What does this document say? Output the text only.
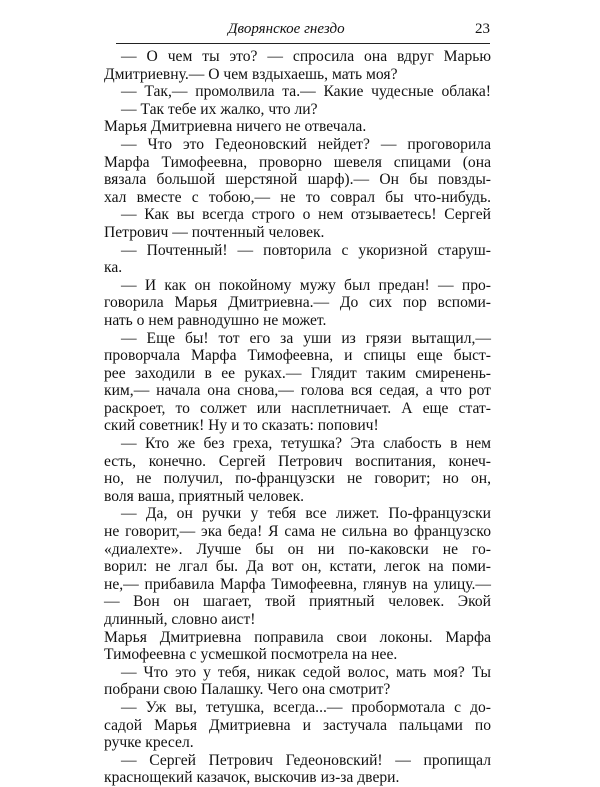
Дворянское гнездо	23
— О чем ты это? — спросила она вдруг Марью
Дмитриевну.— О чем вздыхаешь, мать моя?
— Так,— промолвила та.— Какие чудесные облака!
— Так тебе их жалко, что ли?
Марья Дмитриевна ничего не отвечала.
— Что это Гедеоновский нейдет? — проговорила
Марфа Тимофеевна, проворно шевеля спицами (она
вязала большой шерстяной шарф).— Он бы повзды-
хал вместе с тобою,— не то соврал бы что-нибудь.
— Как вы всегда строго о нем отзываетесь! Сергей
Петрович — почтенный человек.
— Почтенный! — повторила с укоризной старуш-
ка.
— И как он покойному мужу был предан! — про-
говорила Марья Дмитриевна.— До сих пор вспоми-
нать о нем равнодушно не может.
— Еще бы! тот его за уши из грязи вытащил,—
проворчала Марфа Тимофеевна, и спицы еще быст-
рее заходили в ее руках.— Глядит таким смиренень-
ким,— начала она снова,— голова вся седая, а что рот
раскроет, то солжет или насплетничает. А еще стат-
ский советник! Ну и то сказать: попович!
— Кто же без греха, тетушка? Эта слабость в нем
есть, конечно. Сергей Петрович воспитания, конеч-
но, не получил, по-французски не говорит; но он,
воля ваша, приятный человек.
— Да, он ручки у тебя все лижет. По-французски
не говорит,— эка беда! Я сама не сильна во французско
«диалехте». Лучше бы он ни по-каковски не го-
ворил: не лгал бы. Да вот он, кстати, легок на поми-
не,— прибавила Марфа Тимофеевна, глянув на улицу.—
— Вон он шагает, твой приятный человек. Экой
длинный, словно аист!
Марья Дмитриевна поправила свои локоны. Марфа
Тимофеевна с усмешкой посмотрела на нее.
— Что это у тебя, никак седой волос, мать моя? Ты
побрани свою Палашку. Чего она смотрит?
— Уж вы, тетушка, всегда...— пробормотала с до-
садой Марья Дмитриевна и застучала пальцами по
ручке кресел.
— Сергей Петрович Гедеоновский! — пропищал
краснощекий казачок, выскочив из-за двери.
